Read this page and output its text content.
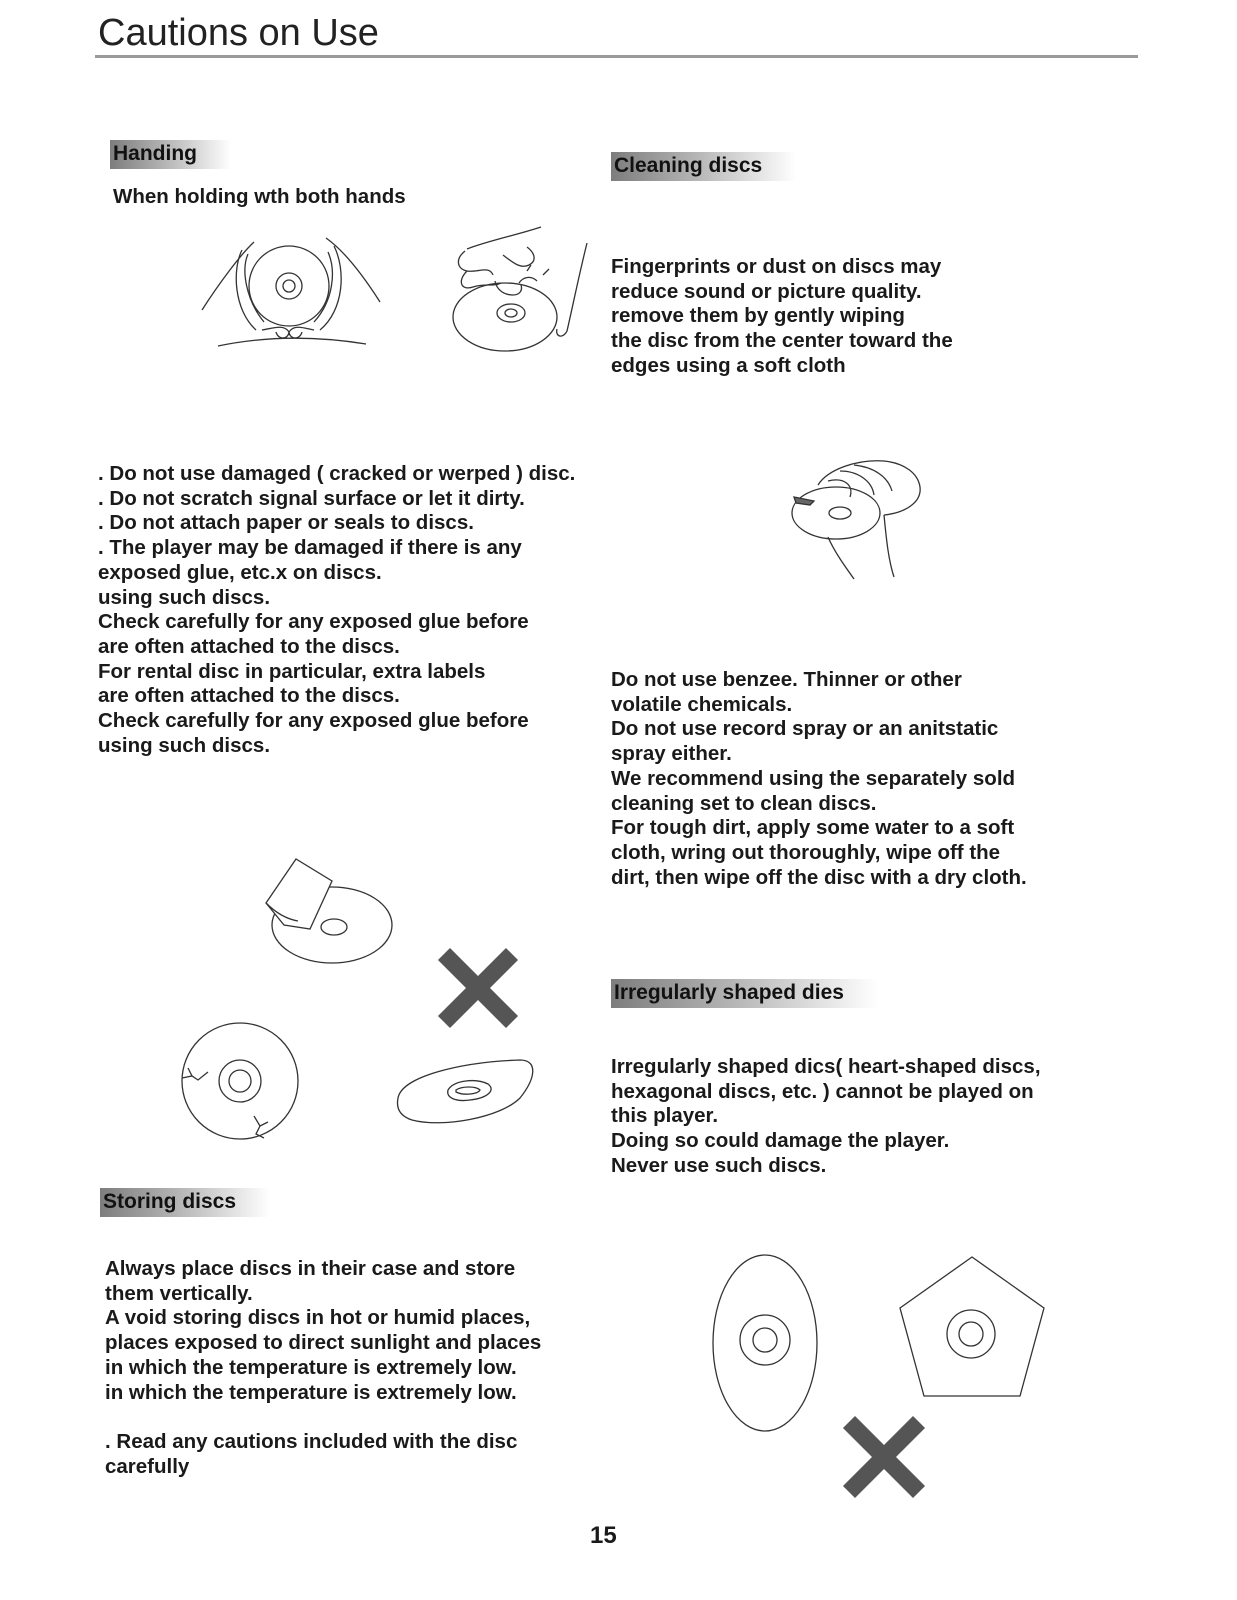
Cautions on Use
Handing
When holding wth both hands
. Do not use damaged ( cracked or werped ) disc.
. Do not scratch signal surface or let it dirty.
. Do not attach paper or seals to discs.
. The player may be damaged if there is any
exposed glue, etc.x on discs.
using such discs.
Check carefully for any exposed glue before
are often attached to the discs.
For rental disc in particular, extra labels
are often attached to the discs.
Check carefully for any exposed glue before
using such discs.
Storing discs
Always place discs in their case and store
them vertically.
A void storing discs in hot or humid places,
places exposed to direct sunlight and places
in which the temperature is extremely low.
in which the temperature is extremely low.
. Read any cautions included with the disc
carefully
Cleaning discs
Fingerprints or dust on discs may
reduce sound or picture quality.
remove them by gently wiping
the disc from the center toward the
edges using a soft cloth
Do not use benzee. Thinner or other
volatile chemicals.
Do not use record spray or an anitstatic
spray either.
We recommend using the separately sold
cleaning set to clean discs.
For tough dirt, apply some water to a soft
cloth, wring out thoroughly, wipe off the
dirt, then wipe off the disc with a dry cloth.
Irregularly shaped dies
Irregularly shaped dics( heart-shaped discs,
hexagonal discs, etc. ) cannot be played on
this player.
Doing so could damage the player.
Never use such discs.
15
